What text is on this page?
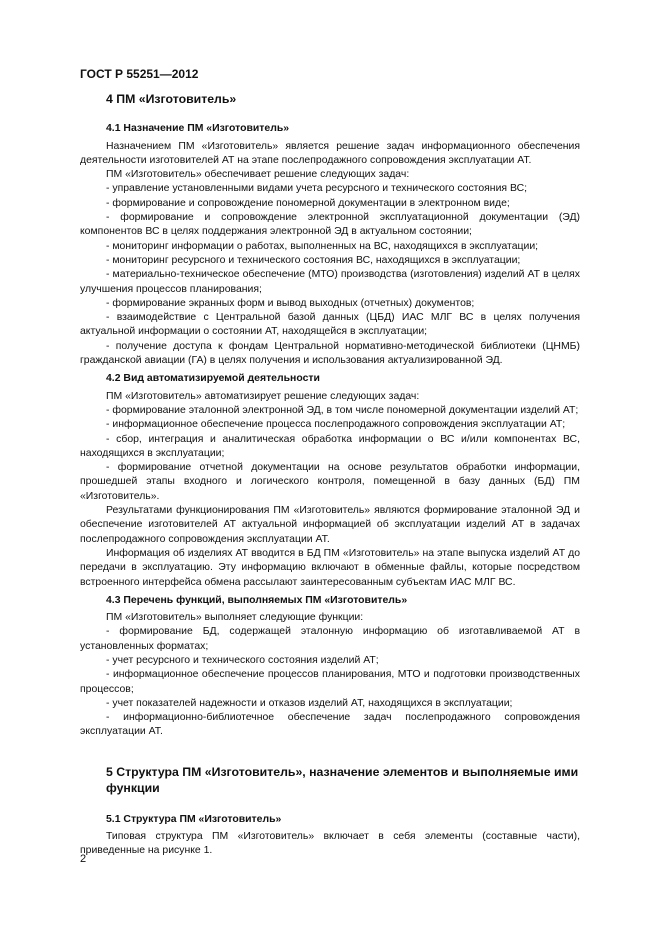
ГОСТ Р 55251—2012
4 ПМ «Изготовитель»
4.1 Назначение ПМ «Изготовитель»

Назначением ПМ «Изготовитель» является решение задач информационного обеспечения деятельности изготовителей АТ на этапе послепродажного сопровождения эксплуатации АТ.

ПМ «Изготовитель» обеспечивает решение следующих задач:

- управление установленными видами учета ресурсного и технического состояния ВС;

- формирование и сопровождение пономерной документации в электронном виде;

- формирование и сопровождение электронной эксплуатационной документации (ЭД) компонентов ВС в целях поддержания электронной ЭД в актуальном состоянии;

- мониторинг информации о работах, выполненных на ВС, находящихся в эксплуатации;

- мониторинг ресурсного и технического состояния ВС, находящихся в эксплуатации;

- материально-техническое обеспечение (МТО) производства (изготовления) изделий АТ в целях улучшения процессов планирования;

- формирование экранных форм и вывод выходных (отчетных) документов;

- взаимодействие с Центральной базой данных (ЦБД) ИАС МЛГ ВС в целях получения актуальной информации о состоянии АТ, находящейся в эксплуатации;

- получение доступа к фондам Центральной нормативно-методической библиотеки (ЦНМБ) гражданской авиации (ГА) в целях получения и использования актуализированной ЭД.

4.2 Вид автоматизируемой деятельности

ПМ «Изготовитель» автоматизирует решение следующих задач:

- формирование эталонной электронной ЭД, в том числе пономерной документации изделий АТ;

- информационное обеспечение процесса послепродажного сопровождения эксплуатации АТ;

- сбор, интеграция и аналитическая обработка информации о ВС и/или компонентах ВС, находящихся в эксплуатации;

- формирование отчетной документации на основе результатов обработки информации, прошедшей этапы входного и логического контроля, помещенной в базу данных (БД) ПМ «Изготовитель».

Результатами функционирования ПМ «Изготовитель» являются формирование эталонной ЭД и обеспечение изготовителей АТ актуальной информацией об эксплуатации изделий АТ в задачах послепродажного сопровождения эксплуатации АТ.

Информация об изделиях АТ вводится в БД ПМ «Изготовитель» на этапе выпуска изделий АТ до передачи в эксплуатацию. Эту информацию включают в обменные файлы, которые посредством встроенного интерфейса обмена рассылают заинтересованным субъектам ИАС МЛГ ВС.

4.3 Перечень функций, выполняемых ПМ «Изготовитель»

ПМ «Изготовитель» выполняет следующие функции:

- формирование БД, содержащей эталонную информацию об изготавливаемой АТ в установленных форматах;

- учет ресурсного и технического состояния изделий АТ;

- информационное обеспечение процессов планирования, МТО и подготовки производственных процессов;

- учет показателей надежности и отказов изделий АТ, находящихся в эксплуатации;

- информационно-библиотечное обеспечение задач послепродажного сопровождения эксплуатации АТ.

5 Структура ПМ «Изготовитель», назначение элементов и выполняемые ими функции
5.1 Структура ПМ «Изготовитель»

Типовая структура ПМ «Изготовитель» включает в себя элементы (составные части), приведенные на рисунке 1.

2
